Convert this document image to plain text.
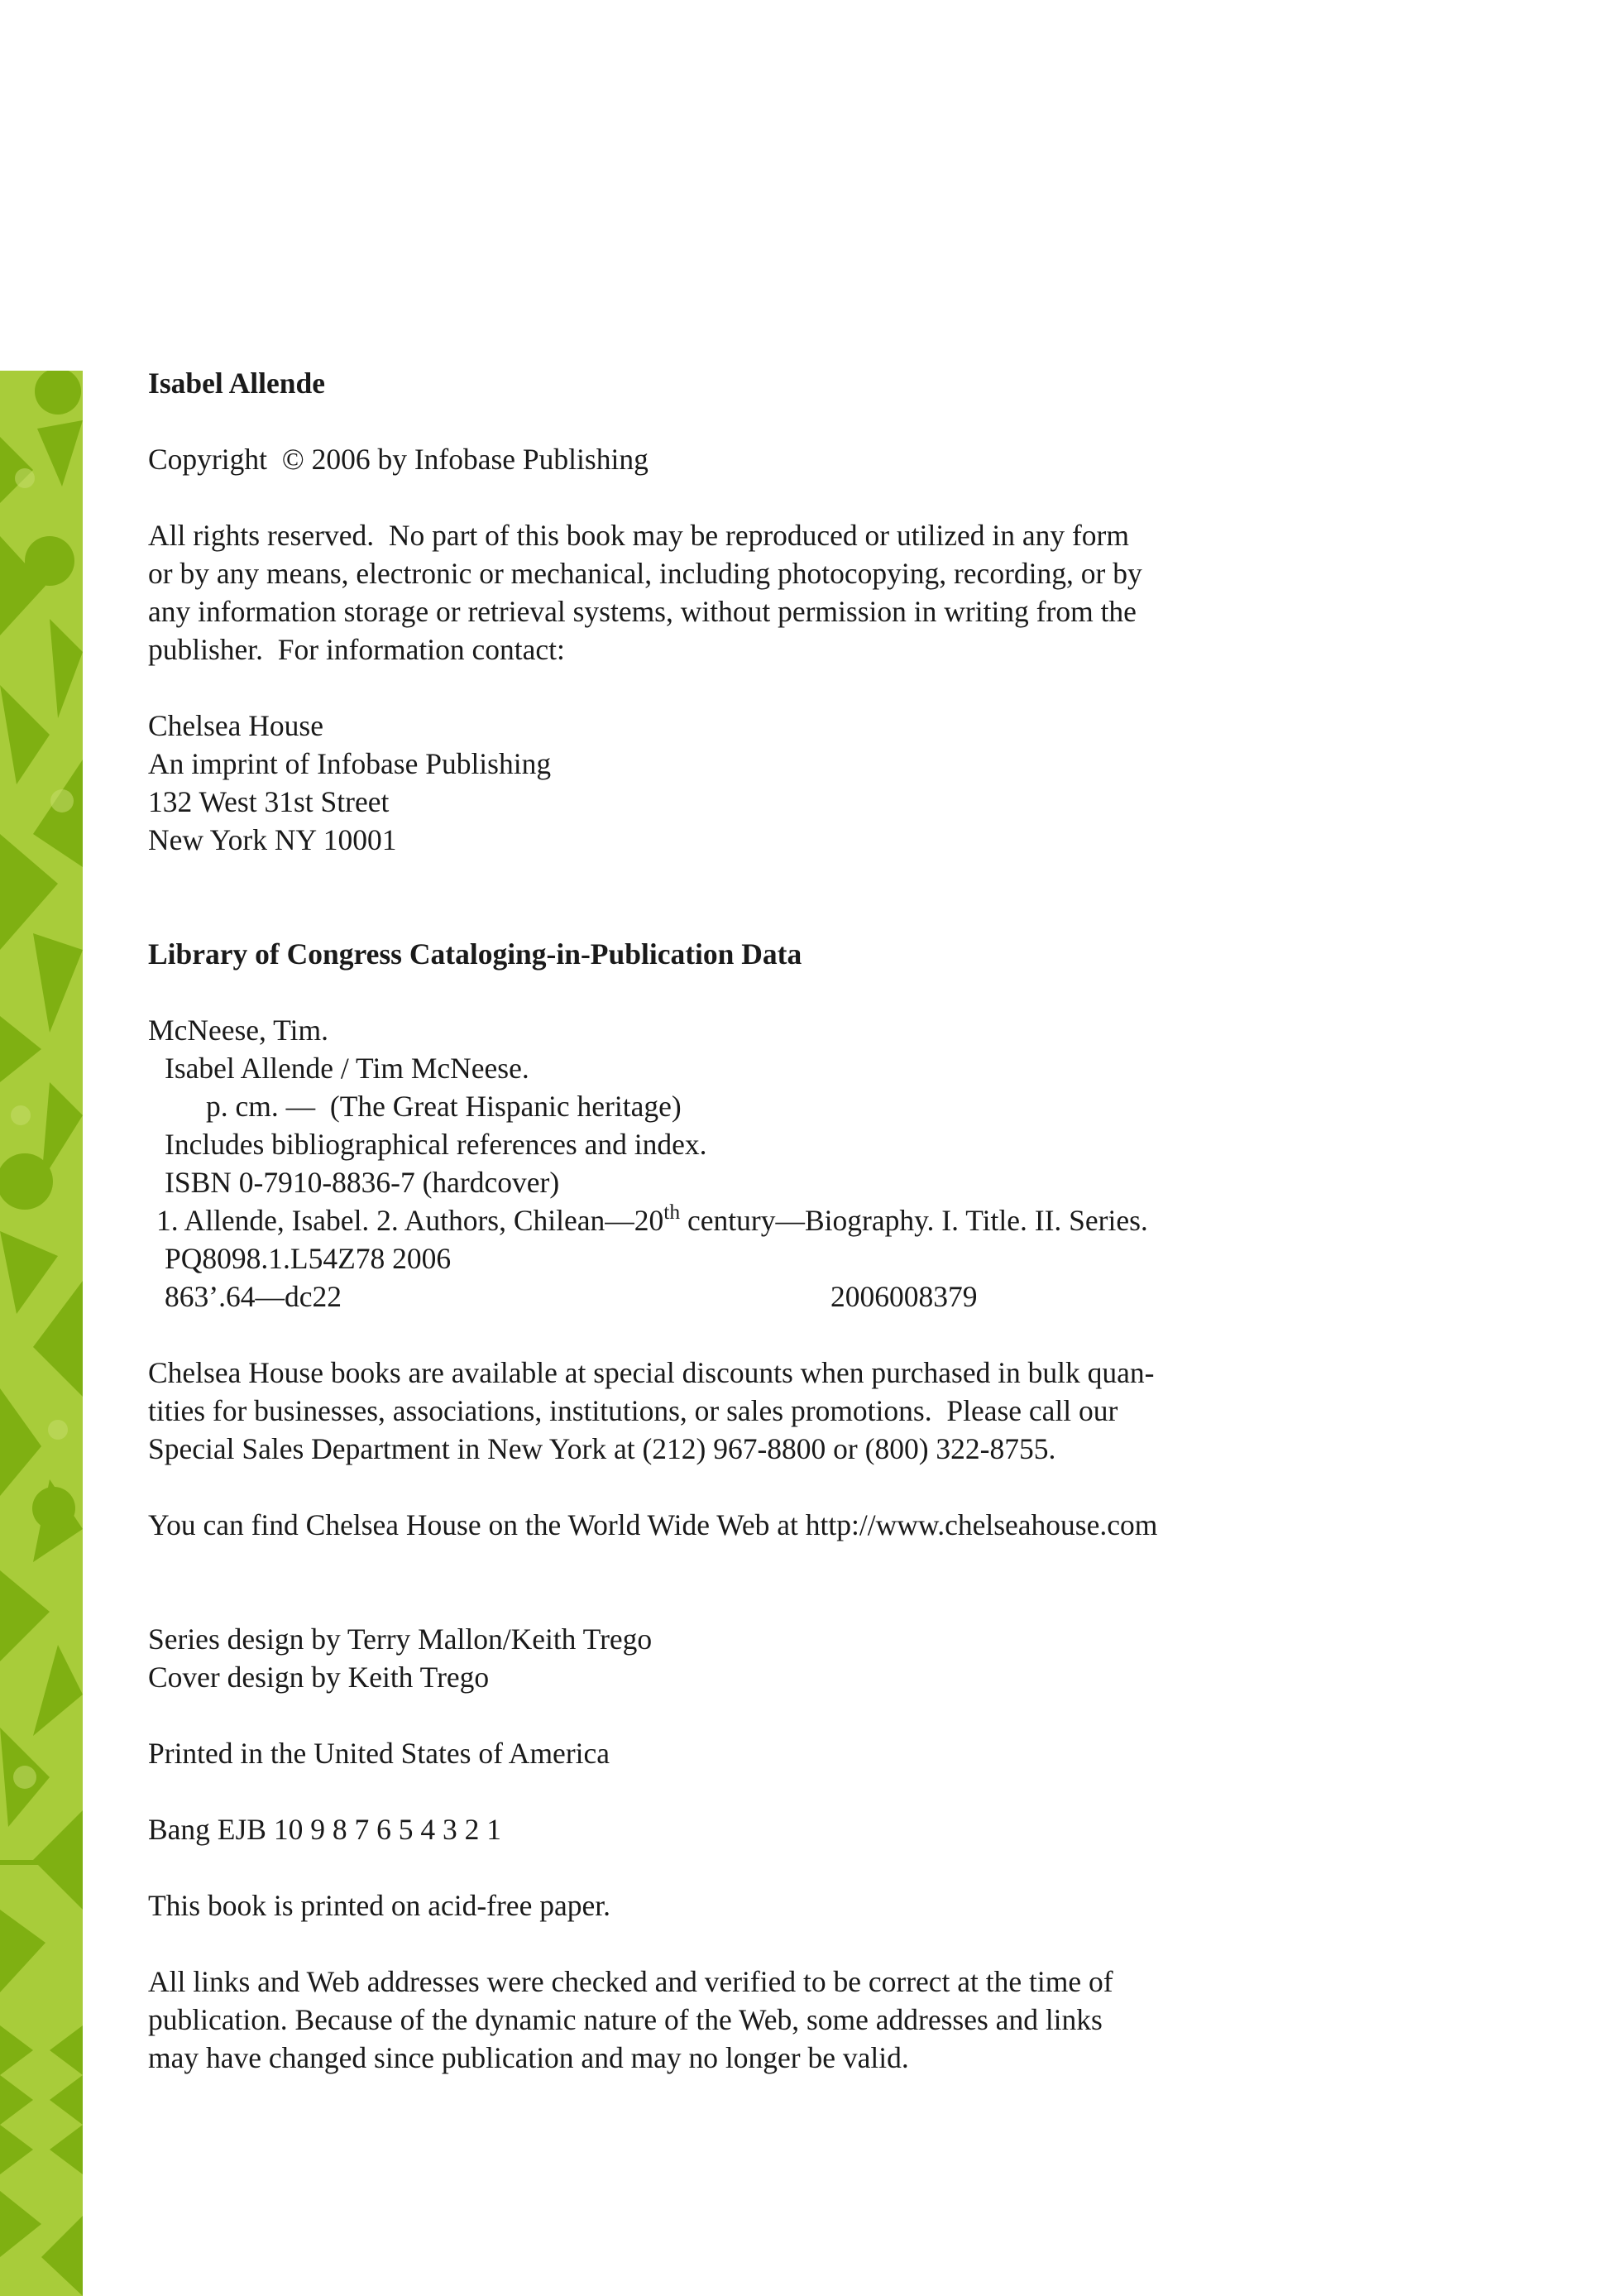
Isabel Allende

Copyright  © 2006 by Infobase Publishing

All rights reserved.  No part of this book may be reproduced or utilized in any form

or by any means, electronic or mechanical, including photocopying, recording, or by

any information storage or retrieval systems, without permission in writing from the

publisher.  For information contact:

Chelsea House

An imprint of Infobase Publishing

132 West 31st Street

New York NY 10001

Library of Congress Cataloging-in-Publication Data

McNeese, Tim.

Isabel Allende / Tim McNeese.

p. cm. —  (The Great Hispanic heritage)

Includes bibliographical references and index.

ISBN 0-7910-8836-7 (hardcover)

1. Allende, Isabel. 2. Authors, Chilean—20th century—Biography. I. Title. II. Series.

PQ8098.1.L54Z78 2006

863’.64—dc22	2006008379

Chelsea House books are available at special discounts when purchased in bulk quan-

tities for businesses, associations, institutions, or sales promotions.  Please call our

Special Sales Department in New York at (212) 967-8800 or (800) 322-8755.

You can find Chelsea House on the World Wide Web at http://www.chelseahouse.com

Series design by Terry Mallon/Keith Trego

Cover design by Keith Trego

Printed in the United States of America

Bang EJB 10 9 8 7 6 5 4 3 2 1

This book is printed on acid-free paper.

All links and Web addresses were checked and verified to be correct at the time of

publication. Because of the dynamic nature of the Web, some addresses and links

may have changed since publication and may no longer be valid.
